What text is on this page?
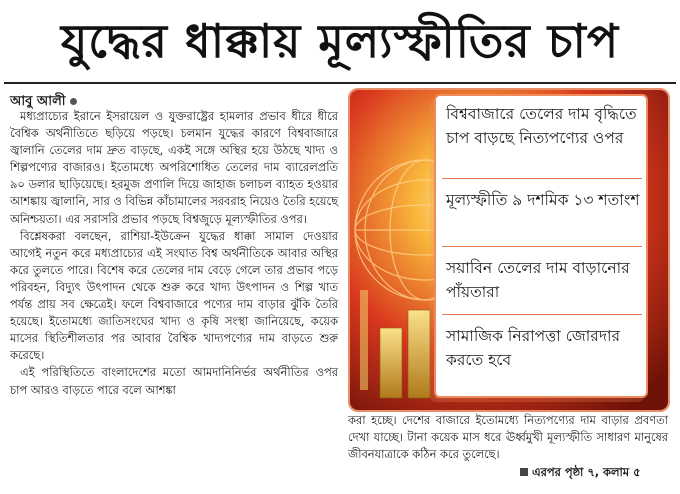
যুদ্ধের ধাক্কায় মূল্যস্ফীতির চাপ
আবু আলী

মধ্যপ্রাচ্যের ইরানে ইসরায়েল ও যুক্তরাষ্ট্রের হামলার প্রভাব ধীরে ধীরে বৈশ্বিক অর্থনীতিতে ছড়িয়ে পড়ছে। চলমান যুদ্ধের কারণে বিশ্ববাজারে জ্বালানি তেলের দাম দ্রুত বাড়ছে, একই সঙ্গে অস্থির হয়ে উঠছে খাদ্য ও শিল্পপণ্যের বাজারও। ইতোমধ্যে অপরিশোধিত তেলের দাম ব্যারেলপ্রতি ৯০ ডলার ছাড়িয়েছে। হরমুজ প্রণালি দিয়ে জাহাজ চলাচল ব্যাহত হওয়ার আশঙ্কায় জ্বালানি, সার ও বিভিন্ন কাঁচামালের সরবরাহ নিয়েও তৈরি হয়েছে অনিশ্চয়তা। এর সরাসরি প্রভাব পড়ছে বিশ্বজুড়ে মূল্যস্ফীতির ওপর।

বিশ্লেষকরা বলছেন, রাশিয়া-ইউক্রেন যুদ্ধের ধাক্কা সামাল দেওয়ার আগেই নতুন করে মধ্যপ্রাচ্যের এই সংঘাত বিশ্ব অর্থনীতিকে আবার অস্থির করে তুলতে পারে। বিশেষ করে তেলের দাম বেড়ে গেলে তার প্রভাব পড়ে পরিবহন, বিদ্যুৎ উৎপাদন থেকে শুরু করে খাদ্য উৎপাদন ও শিল্প খাত পর্যন্ত প্রায় সব ক্ষেত্রেই। ফলে বিশ্ববাজারে পণ্যের দাম বাড়ার ঝুঁকি তৈরি হয়েছে। ইতোমধ্যে জাতিসংঘের খাদ্য ও কৃষি সংস্থা জানিয়েছে, কয়েক মাসের স্থিতিশীলতার পর আবার বৈশ্বিক খাদ্যপণ্যের দাম বাড়তে শুরু করেছে।

এই পরিস্থিতিতে বাংলাদেশের মতো আমদানিনির্ভর অর্থনীতির ওপর চাপ আরও বাড়তে পারে বলে আশঙ্কা

বিশ্ববাজারে তেলের দাম বৃদ্ধিতে চাপ বাড়ছে নিত্যপণ্যের ওপর
মূল্যস্ফীতি ৯ দশমিক ১৩ শতাংশ
সয়াবিন তেলের দাম বাড়ানোর পাঁয়তারা
সামাজিক নিরাপত্তা জোরদার করতে হবে

করা হচ্ছে। দেশের বাজারে ইতোমধ্যে নিত্যপণ্যের দাম বাড়ার প্রবণতা দেখা যাচ্ছে। টানা কয়েক মাস ধরে ঊর্ধ্বমুখী মূল্যস্ফীতি সাধারণ মানুষের জীবনযাত্রাকে কঠিন করে তুলেছে।

এরপর পৃষ্ঠা ৭, কলাম ৫
